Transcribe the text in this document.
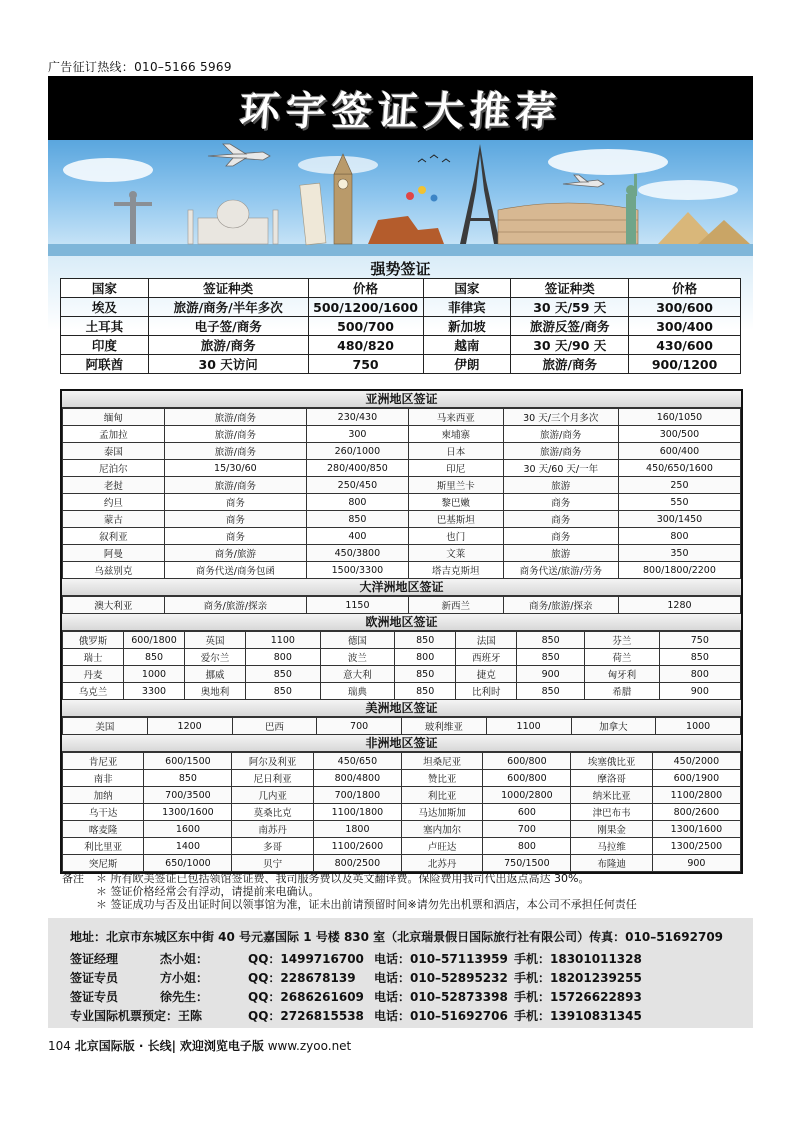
广告征订热线：010–5166 5969
环宇签证大推荐
强势签证
国家	签证种类	价格	国家	签证种类	价格
埃及	旅游/商务/半年多次	500/1200/1600	菲律宾	30 天/59 天	300/600
土耳其	电子签/商务	500/700	新加坡	旅游反签/商务	300/400
印度	旅游/商务	480/820	越南	30 天/90 天	430/600
阿联酋	30 天访问	750	伊朗	旅游/商务	900/1200
亚洲地区签证
缅甸	旅游/商务	230/430	马来西亚	30 天/三个月多次	160/1050
孟加拉	旅游/商务	300	柬埔寨	旅游/商务	300/500
泰国	旅游/商务	260/1000	日本	旅游/商务	600/400
尼泊尔	15/30/60	280/400/850	印尼	30 天/60 天/一年	450/650/1600
老挝	旅游/商务	250/450	斯里兰卡	旅游	250
约旦	商务	800	黎巴嫩	商务	550
蒙古	商务	850	巴基斯坦	商务	300/1450
叙利亚	商务	400	也门	商务	800
阿曼	商务/旅游	450/3800	文莱	旅游	350
乌兹别克	商务代送/商务包函	1500/3300	塔吉克斯坦	商务代送/旅游/劳务	800/1800/2200
大洋洲地区签证
澳大利亚	商务/旅游/探亲	1150	新西兰	商务/旅游/探亲	1280
欧洲地区签证
俄罗斯	600/1800	英国	1100	德国	850	法国	850	芬兰	750
瑞士	850	爱尔兰	800	波兰	800	西班牙	850	荷兰	850
丹麦	1000	挪威	850	意大利	850	捷克	900	匈牙利	800
乌克兰	3300	奥地利	850	瑞典	850	比利时	850	希腊	900
美洲地区签证
美国	1200	巴西	700	玻利维亚	1100	加拿大	1000
非洲地区签证
肯尼亚	600/1500	阿尔及利亚	450/650	坦桑尼亚	600/800	埃塞俄比亚	450/2000
南非	850	尼日利亚	800/4800	赞比亚	600/800	摩洛哥	600/1900
加纳	700/3500	几内亚	700/1800	利比亚	1000/2800	纳米比亚	1100/2800
乌干达	1300/1600	莫桑比克	1100/1800	马达加斯加	600	津巴布韦	800/2600
喀麦隆	1600	南苏丹	1800	塞内加尔	700	刚果金	1300/1600
利比里亚	1400	多哥	1100/2600	卢旺达	800	马拉维	1300/2500
突尼斯	650/1000	贝宁	800/2500	北苏丹	750/1500	布隆迪	900
备注 ＊ 所有欧美签证已包括领馆签证费、我司服务费以及英文翻译费。保险费用我司代出返点高达 30%。
＊ 签证价格经常会有浮动，请提前来电确认。
＊ 签证成功与否及出证时间以领事馆为准，证未出前请预留时间※请勿先出机票和酒店，本公司不承担任何责任
地址：北京市东城区东中街 40 号元嘉国际 1 号楼 830 室（北京瑞景假日国际旅行社有限公司）传真：010–51692709
签证经理	杰小姐：	QQ：1499716700 电话：010–57113959 手机：18301011328
签证专员	方小姐：	QQ：228678139	电话：010–52895232 手机：18201239255
签证专员	徐先生：	QQ：2686261609 电话：010–52873398 手机：15726622893
专业国际机票预定：王陈	QQ：2726815538 电话：010–51692706 手机：13910831345
104 北京国际版 · 长线| 欢迎浏览电子版 www.zyoo.net
